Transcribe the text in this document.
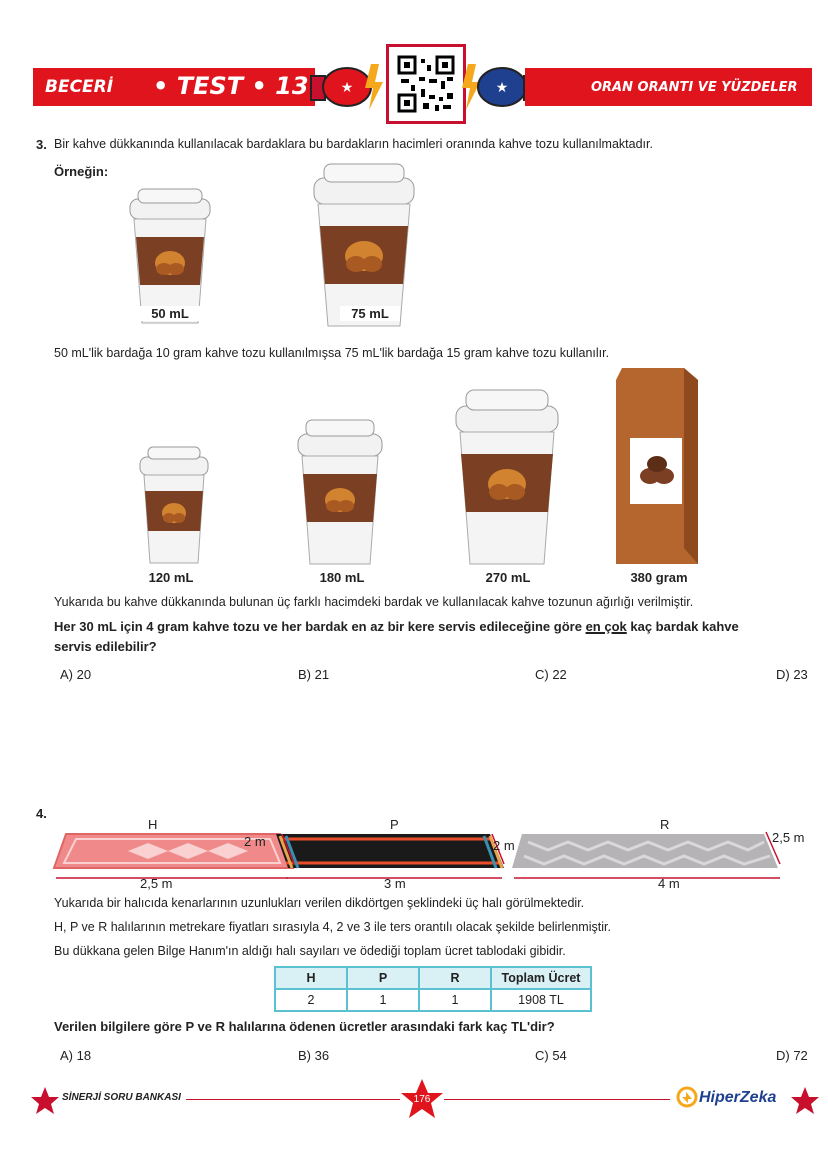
BECERİ • TEST • 13 ★	★	ORAN ORANTI VE YÜZDELER
3. Bir kahve dükkanında kullanılacak bardaklara bu bardakların hacimleri oranında kahve tozu kullanılmaktadır.
Örneğin:
50 mL	75 mL
50 mL'lik bardağa 10 gram kahve tozu kullanılmışsa 75 mL'lik bardağa 15 gram kahve tozu kullanılır.
120 mL	180 mL	270 mL	380 gram
Yukarıda bu kahve dükkanında bulunan üç farklı hacimdeki bardak ve kullanılacak kahve tozunun ağırlığı verilmiştir.
Her 30 mL için 4 gram kahve tozu ve her bardak en az bir kere servis edileceğine göre en çok kaç bardak kahve
servis edilebilir?
A) 20	B) 21	C) 22	D) 23
4.
H	P	R
2 m	2 m
2,5 m
2,5 m	3 m	4 m
Yukarıda bir halıcıda kenarlarının uzunlukları verilen dikdörtgen şeklindeki üç halı görülmektedir.
H, P ve R halılarının metrekare fiyatları sırasıyla 4, 2 ve 3 ile ters orantılı olacak şekilde belirlenmiştir.
Bu dükkana gelen Bilge Hanım'ın aldığı halı sayıları ve ödediği toplam ücret tablodaki gibidir.
H	P	R	Toplam Ücret
2	1	1	1908 TL
Verilen bilgilere göre P ve R halılarına ödenen ücretler arasındaki fark kaç TL'dir?
A) 18	B) 36	C) 54	D) 72
SİNERJİ SORU BANKASI	176	HiperZeka
